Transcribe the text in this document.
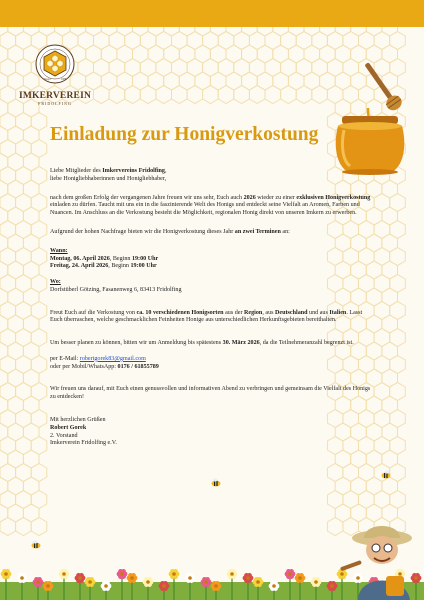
Siegel	1888
IMKERVEREIN
FRIDOLFING
Einladung zur Honigverkostung

Liebe Mitglieder des Imkervereins Fridolfing,
liebe Honigliebhaberinnen und Honigliebhaber,

nach dem großen Erfolg der vergangenen Jahre freuen wir uns sehr, Euch auch 2026 wieder zu einer exklusiven Honigverkostung einladen zu dürfen. Taucht mit uns ein in die faszinierende Welt des Honigs und entdeckt seine Vielfalt an Aromen, Farben und Nuancen. Im Anschluss an die Verkostung besteht die Möglichkeit, regionalen Honig direkt von unseren Imkern zu erwerben.

Aufgrund der hohen Nachfrage bieten wir die Honigverkostung dieses Jahr an zwei Terminen an:

Wann:
Montag, 06. April 2026, Beginn 19:00 Uhr
Freitag, 24. April 2026, Beginn 19:00 Uhr

Wo:
Dorfstüberl Götzing, Fasanenweg 6, 83413 Fridolfing

Freut Euch auf die Verkostung von ca. 10 verschiedenen Honigsorten aus der Region, aus Deutschland und aus Italien. Lasst Euch überraschen, welche geschmacklichen Feinheiten Honige aus unterschiedlichen Herkunftsgebieten bereithalten.

Um besser planen zu können, bitten wir um Anmeldung bis spätestens 30. März 2026, da die Teilnehmeranzahl begrenzt ist.

per E-Mail: robertgorek83@gmail.com
oder per Mobil/WhatsApp: 0176 / 61855789

Wir freuen uns darauf, mit Euch einen genussvollen und informativen Abend zu verbringen und gemeinsam die Vielfalt des Honigs zu entdecken!

Mit herzlichen Grüßen
Robert Gorek
2. Vorstand
Imkerverein Fridolfing e.V.
